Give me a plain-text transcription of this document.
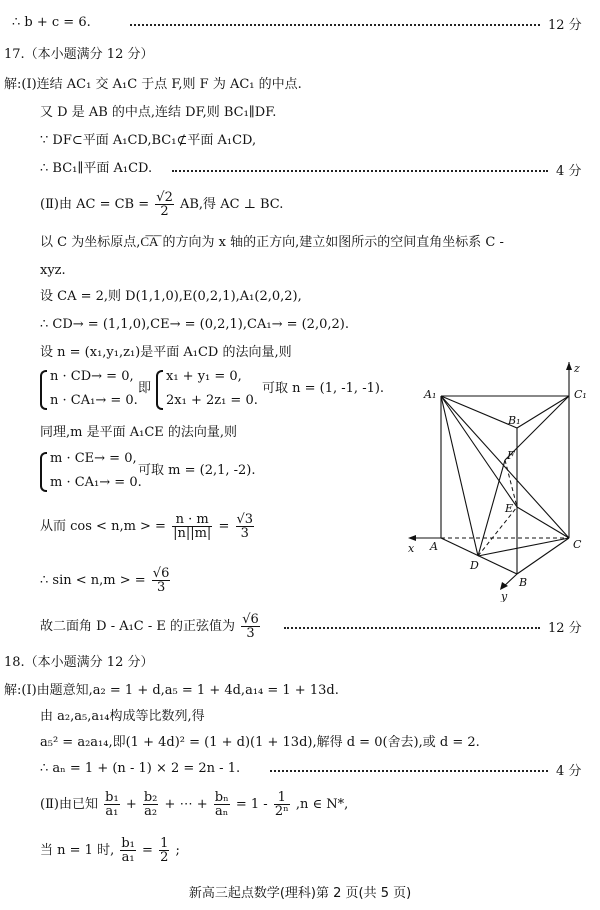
∴ b + c = 6.	12 分
17.（本小题满分 12 分）
解:(Ⅰ)连结 AC₁ 交 A₁C 于点 F,则 F 为 AC₁ 的中点.
又 D 是 AB 的中点,连结 DF,则 BC₁∥DF.
∵ DF⊂平面 A₁CD,BC₁⊄平面 A₁CD,
∴ BC₁∥平面 A₁CD.	4 分
(Ⅱ)由 AC = CB = $\frac{√2}{2}$ AB,得 AC ⊥ BC.
以 C 为坐标原点,C͞A͞ 的方向为 x 轴的正方向,建立如图所示的空间直角坐标系 C -
xyz.
设 CA = 2,则 D(1,1,0),E(0,2,1),A₁(2,0,2),
∴ CD→ = (1,1,0),CE→ = (0,2,1),CA₁→ = (2,0,2).
设 n = (x₁,y₁,z₁)是平面 A₁CD 的法向量,则
n · CD→ = 0,
n · CA₁→ = 0.
即
x₁ + y₁ = 0,
2x₁ + 2z₁ = 0.
可取 n = (1, -1, -1).
同理,m 是平面 A₁CE 的法向量,则
m · CE→ = 0,
m · CA₁→ = 0.
可取 m = (2,1, -2).
从而 cos < n,m > = $\frac{n \cdot m}{|n||m|} = \frac{√3}{3}$
∴ sin < n,m > = $\frac{√6}{3}$
故二面角 D - A₁C - E 的正弦值为 $\frac{√6}{3}$	12 分
z
x
y
A₁	C₁
B₁
F
E
A	C
D
B
18.（本小题满分 12 分）
解:(Ⅰ)由题意知,a₂ = 1 + d,a₅ = 1 + 4d,a₁₄ = 1 + 13d.
由 a₂,a₅,a₁₄构成等比数列,得
a₅² = a₂a₁₄,即(1 + 4d)² = (1 + d)(1 + 13d),解得 d = 0(舍去),或 d = 2.
∴ aₙ = 1 + (n - 1) × 2 = 2n - 1.	4 分
(Ⅱ)由已知 $\frac{\text{b₁}}{\text{a₁}} + \frac{\text{b₂}}{\text{a₂}}$ + ⋯ + $\frac{\text{bₙ}}{\text{aₙ}} = 1 - \frac{1}{\text{2ⁿ}} ,n$ ∈ N*,
当 n = 1 时, $\frac{\text{b₁}}{\text{a₁}} = \frac{1}{2}$ ;
新高三起点数学(理科)第 2 页(共 5 页)
